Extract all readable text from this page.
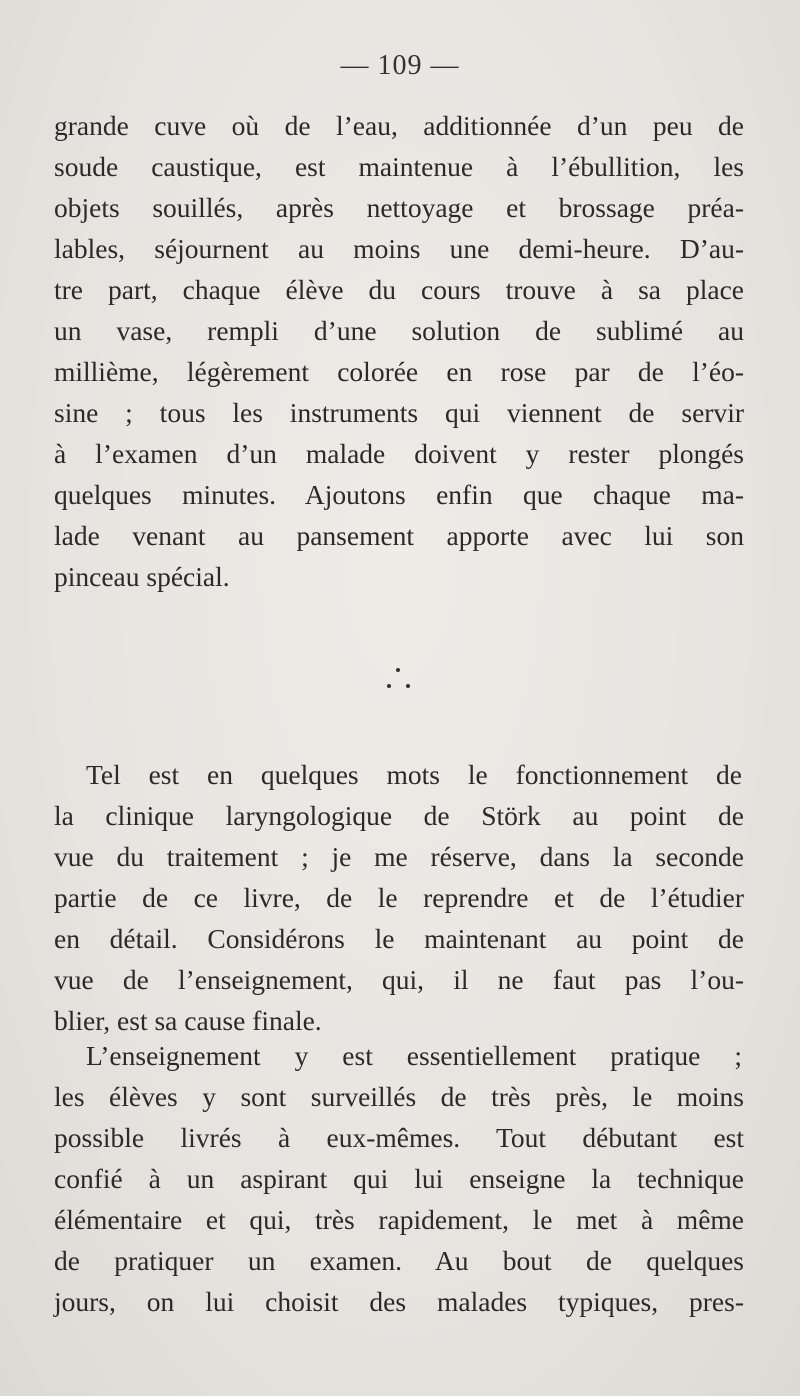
— 109 —
grande cuve où de l’eau, additionnée d’un peu de
soude caustique, est maintenue à l’ébullition, les
objets souillés, après nettoyage et brossage préa-
lables, séjournent au moins une demi-heure. D’au-
tre part, chaque élève du cours trouve à sa place
un vase, rempli d’une solution de sublimé au
millième, légèrement colorée en rose par de l’éo-
sine ; tous les instruments qui viennent de servir
à l’examen d’un malade doivent y rester plongés
quelques minutes. Ajoutons enfin que chaque ma-
lade venant au pansement apporte avec lui son
pinceau spécial.
Tel est en quelques mots le fonctionnement de
la clinique laryngologique de Störk au point de
vue du traitement ; je me réserve, dans la seconde
partie de ce livre, de le reprendre et de l’étudier
en détail. Considérons le maintenant au point de
vue de l’enseignement, qui, il ne faut pas l’ou-
blier, est sa cause finale.
L’enseignement y est essentiellement pratique ;
les élèves y sont surveillés de très près, le moins
possible livrés à eux-mêmes. Tout débutant est
confié à un aspirant qui lui enseigne la technique
élémentaire et qui, très rapidement, le met à même
de pratiquer un examen. Au bout de quelques
jours, on lui choisit des malades typiques, pres-
